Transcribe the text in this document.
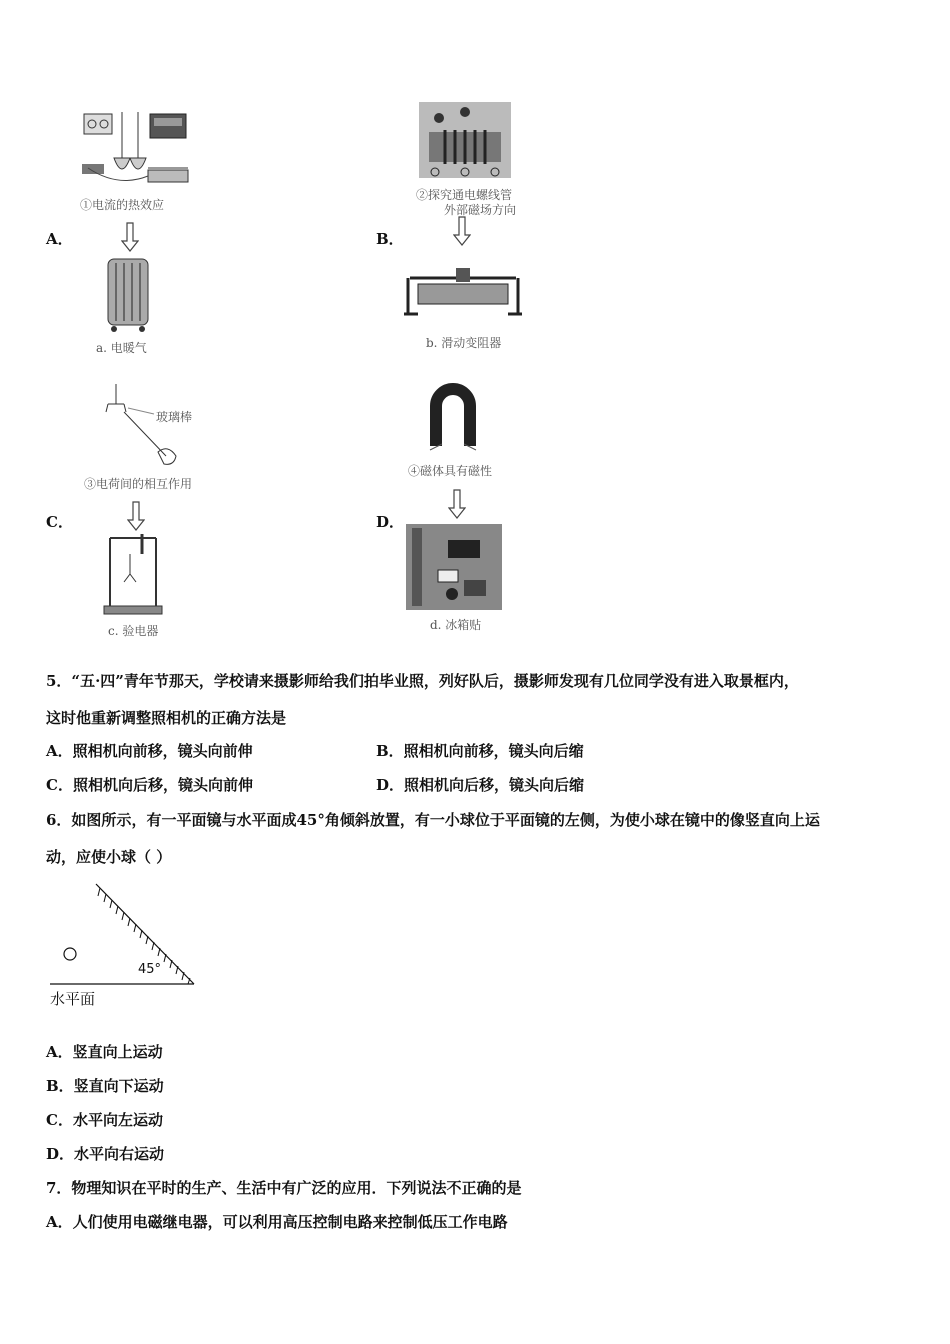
①电流的热效应
A．
a. 电暖气
②探究通电螺线管
外部磁场方向
B．
b. 滑动变阻器
玻璃棒
③电荷间的相互作用
C．
c. 验电器
④磁体具有磁性
D．
d. 冰箱贴
5．“五·四”青年节那天，学校请来摄影师给我们拍毕业照，列好队后，摄影师发现有几位同学没有进入取景框内，
这时他重新调整照相机的正确方法是
A．照相机向前移，镜头向前伸	B．照相机向前移，镜头向后缩
C．照相机向后移，镜头向前伸	D．照相机向后移，镜头向后缩
6．如图所示，有一平面镜与水平面成45°角倾斜放置，有一小球位于平面镜的左侧，为使小球在镜中的像竖直向上运
动，应使小球（ ）
45°
水平面
A．竖直向上运动
B．竖直向下运动
C．水平向左运动
D．水平向右运动
7．物理知识在平时的生产、生活中有广泛的应用．下列说法不正确的是
A．人们使用电磁继电器，可以利用高压控制电路来控制低压工作电路
